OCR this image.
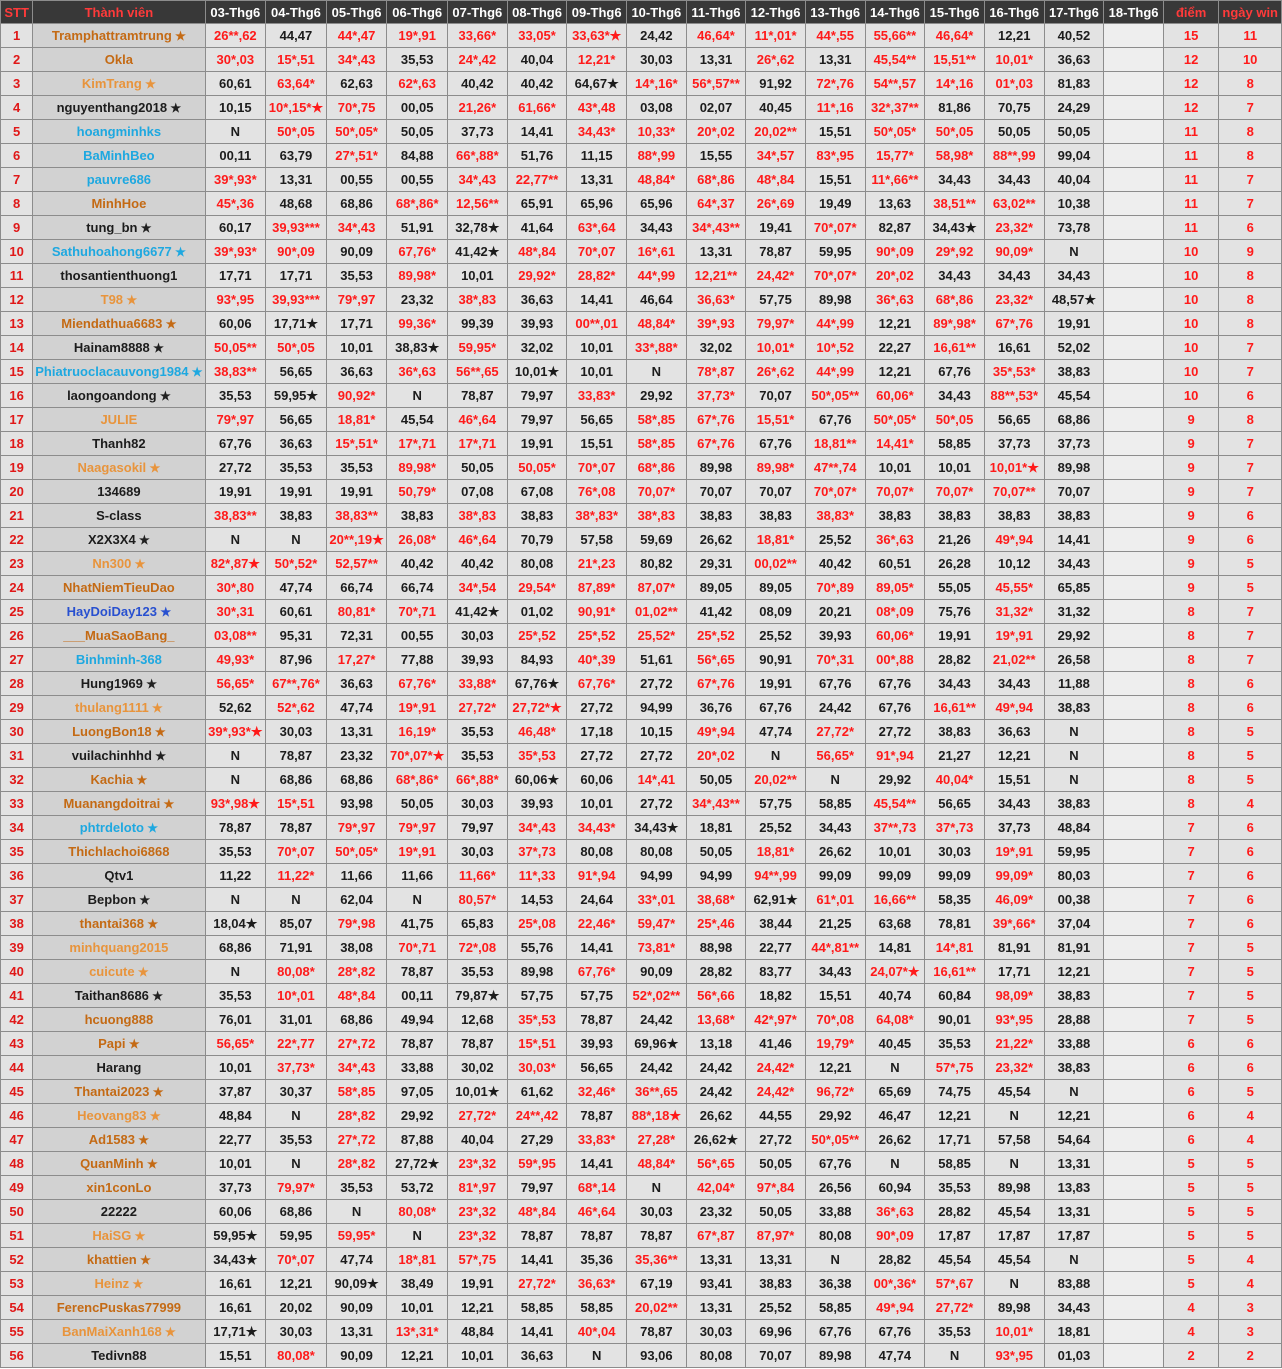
STT	Thành viên	03-Thg6	04-Thg6	05-Thg6	06-Thg6	07-Thg6	08-Thg6	09-Thg6	10-Thg6	11-Thg6	12-Thg6	13-Thg6	14-Thg6	15-Thg6	16-Thg6	17-Thg6	18-Thg6	điểm	ngày win
1	Tramphattramtrung ★	26**,62	44,47	44*,47	19*,91	33,66*	33,05*	33,63*★	24,42	46,64*	11*,01*	44*,55	55,66**	46,64*	12,21	40,52		15	11
2	Okla	30*,03	15*,51	34*,43	35,53	24*,42	40,04	12,21*	30,03	13,31	26*,62	13,31	45,54**	15,51**	10,01*	36,63		12	10
3	KimTrang ★	60,61	63,64*	62,63	62*,63	40,42	40,42	64,67★	14*,16*	56*,57**	91,92	72*,76	54**,57	14*,16	01*,03	81,83		12	8
4	nguyenthang2018 ★	10,15	10*,15*★	70*,75	00,05	21,26*	61,66*	43*,48	03,08	02,07	40,45	11*,16	32*,37**	81,86	70,75	24,29		12	7
5	hoangminhks	N	50*,05	50*,05*	50,05	37,73	14,41	34,43*	10,33*	20*,02	20,02**	15,51	50*,05*	50*,05	50,05	50,05		11	8
6	BaMinhBeo	00,11	63,79	27*,51*	84,88	66*,88*	51,76	11,15	88*,99	15,55	34*,57	83*,95	15,77*	58,98*	88**,99	99,04		11	8
7	pauvre686	39*,93*	13,31	00,55	00,55	34*,43	22,77**	13,31	48,84*	68*,86	48*,84	15,51	11*,66**	34,43	34,43	40,04		11	7
8	MinhHoe	45*,36	48,68	68,86	68*,86*	12,56**	65,91	65,96	65,96	64*,37	26*,69	19,49	13,63	38,51**	63,02**	10,38		11	7
9	tung_bn ★	60,17	39,93***	34*,43	51,91	32,78★	41,64	63*,64	34,43	34*,43**	19,41	70*,07*	82,87	34,43★	23,32*	73,78		11	6
10	Sathuhoahong6677 ★	39*,93*	90*,09	90,09	67,76*	41,42★	48*,84	70*,07	16*,61	13,31	78,87	59,95	90*,09	29*,92	90,09*	N		10	9
11	thosantienthuong1	17,71	17,71	35,53	89,98*	10,01	29,92*	28,82*	44*,99	12,21**	24,42*	70*,07*	20*,02	34,43	34,43	34,43		10	8
12	T98 ★	93*,95	39,93***	79*,97	23,32	38*,83	36,63	14,41	46,64	36,63*	57,75	89,98	36*,63	68*,86	23,32*	48,57★		10	8
13	Miendathua6683 ★	60,06	17,71★	17,71	99,36*	99,39	39,93	00**,01	48,84*	39*,93	79,97*	44*,99	12,21	89*,98*	67*,76	19,91		10	8
14	Hainam8888 ★	50,05**	50*,05	10,01	38,83★	59,95*	32,02	10,01	33*,88*	32,02	10,01*	10*,52	22,27	16,61**	16,61	52,02		10	7
15	Phiatruoclacauvong1984 ★	38,83**	56,65	36,63	36*,63	56**,65	10,01★	10,01	N	78*,87	26*,62	44*,99	12,21	67,76	35*,53*	38,83		10	7
16	laongoandong ★	35,53	59,95★	90,92*	N	78,87	79,97	33,83*	29,92	37,73*	70,07	50*,05**	60,06*	34,43	88**,53*	45,54		10	6
17	JULIE	79*,97	56,65	18,81*	45,54	46*,64	79,97	56,65	58*,85	67*,76	15,51*	67,76	50*,05*	50*,05	56,65	68,86		9	8
18	Thanh82	67,76	36,63	15*,51*	17*,71	17*,71	19,91	15,51	58*,85	67*,76	67,76	18,81**	14,41*	58,85	37,73	37,73		9	7
19	Naagasokil ★	27,72	35,53	35,53	89,98*	50,05	50,05*	70*,07	68*,86	89,98	89,98*	47**,74	10,01	10,01	10,01*★	89,98		9	7
20	134689	19,91	19,91	19,91	50,79*	07,08	67,08	76*,08	70,07*	70,07	70,07	70*,07*	70,07*	70,07*	70,07**	70,07		9	7
21	S-class	38,83**	38,83	38,83**	38,83	38*,83	38,83	38*,83*	38*,83	38,83	38,83	38,83*	38,83	38,83	38,83	38,83		9	6
22	X2X3X4 ★	N	N	20**,19★	26,08*	46*,64	70,79	57,58	59,69	26,62	18,81*	25,52	36*,63	21,26	49*,94	14,41		9	6
23	Nn300 ★	82*,87★	50*,52*	52,57**	40,42	40,42	80,08	21*,23	80,82	29,31	00,02**	40,42	60,51	26,28	10,12	34,43		9	5
24	NhatNiemTieuDao	30*,80	47,74	66,74	66,74	34*,54	29,54*	87,89*	87,07*	89,05	89,05	70*,89	89,05*	55,05	45,55*	65,85		9	5
25	HayDoiDay123 ★	30*,31	60,61	80,81*	70*,71	41,42★	01,02	90,91*	01,02**	41,42	08,09	20,21	08*,09	75,76	31,32*	31,32		8	7
26	___MuaSaoBang_	03,08**	95,31	72,31	00,55	30,03	25*,52	25*,52	25,52*	25*,52	25,52	39,93	60,06*	19,91	19*,91	29,92		8	7
27	Binhminh-368	49,93*	87,96	17,27*	77,88	39,93	84,93	40*,39	51,61	56*,65	90,91	70*,31	00*,88	28,82	21,02**	26,58		8	7
28	Hung1969 ★	56,65*	67**,76*	36,63	67,76*	33,88*	67,76★	67,76*	27,72	67*,76	19,91	67,76	67,76	34,43	34,43	11,88		8	6
29	thulang1111 ★	52,62	52*,62	47,74	19*,91	27,72*	27,72*★	27,72	94,99	36,76	67,76	24,42	67,76	16,61**	49*,94	38,83		8	6
30	LuongBon18 ★	39*,93*★	30,03	13,31	16,19*	35,53	46,48*	17,18	10,15	49*,94	47,74	27,72*	27,72	38,83	36,63	N		8	5
31	vuilachinhhd ★	N	78,87	23,32	70*,07*★	35,53	35*,53	27,72	27,72	20*,02	N	56,65*	91*,94	21,27	12,21	N		8	5
32	Kachia ★	N	68,86	68,86	68*,86*	66*,88*	60,06★	60,06	14*,41	50,05	20,02**	N	29,92	40,04*	15,51	N		8	5
33	Muanangdoitrai ★	93*,98★	15*,51	93,98	50,05	30,03	39,93	10,01	27,72	34*,43**	57,75	58,85	45,54**	56,65	34,43	38,83		8	4
34	phtrdeloto ★	78,87	78,87	79*,97	79*,97	79,97	34*,43	34,43*	34,43★	18,81	25,52	34,43	37**,73	37*,73	37,73	48,84		7	6
35	Thichlachoi6868	35,53	70*,07	50*,05*	19*,91	30,03	37*,73	80,08	80,08	50,05	18,81*	26,62	10,01	30,03	19*,91	59,95		7	6
36	Qtv1	11,22	11,22*	11,66	11,66	11,66*	11*,33	91*,94	94,99	94,99	94**,99	99,09	99,09	99,09	99,09*	80,03		7	6
37	Bepbon ★	N	N	62,04	N	80,57*	14,53	24,64	33*,01	38,68*	62,91★	61*,01	16,66**	58,35	46,09*	00,38		7	6
38	thantai368 ★	18,04★	85,07	79*,98	41,75	65,83	25*,08	22,46*	59,47*	25*,46	38,44	21,25	63,68	78,81	39*,66*	37,04		7	6
39	minhquang2015	68,86	71,91	38,08	70*,71	72*,08	55,76	14,41	73,81*	88,98	22,77	44*,81**	14,81	14*,81	81,91	81,91		7	5
40	cuicute ★	N	80,08*	28*,82	78,87	35,53	89,98	67,76*	90,09	28,82	83,77	34,43	24,07*★	16,61**	17,71	12,21		7	5
41	Taithan8686 ★	35,53	10*,01	48*,84	00,11	79,87★	57,75	57,75	52*,02**	56*,66	18,82	15,51	40,74	60,84	98,09*	38,83		7	5
42	hcuong888	76,01	31,01	68,86	49,94	12,68	35*,53	78,87	24,42	13,68*	42*,97*	70*,08	64,08*	90,01	93*,95	28,88		7	5
43	Papi ★	56,65*	22*,77	27*,72	78,87	78,87	15*,51	39,93	69,96★	13,18	41,46	19,79*	40,45	35,53	21,22*	33,88		6	6
44	Harang	10,01	37,73*	34*,43	33,88	30,02	30,03*	56,65	24,42	24,42	24,42*	12,21	N	57*,75	23,32*	38,83		6	6
45	Thantai2023 ★	37,87	30,37	58*,85	97,05	10,01★	61,62	32,46*	36**,65	24,42	24,42*	96,72*	65,69	74,75	45,54	N		6	5
46	Heovang83 ★	48,84	N	28*,82	29,92	27,72*	24**,42	78,87	88*,18★	26,62	44,55	29,92	46,47	12,21	N	12,21		6	4
47	Ad1583 ★	22,77	35,53	27*,72	87,88	40,04	27,29	33,83*	27,28*	26,62★	27,72	50*,05**	26,62	17,71	57,58	54,64		6	4
48	QuanMinh ★	10,01	N	28*,82	27,72★	23*,32	59*,95	14,41	48,84*	56*,65	50,05	67,76	N	58,85	N	13,31		5	5
49	xin1conLo	37,73	79,97*	35,53	53,72	81*,97	79,97	68*,14	N	42,04*	97*,84	26,56	60,94	35,53	89,98	13,83		5	5
50	22222	60,06	68,86	N	80,08*	23*,32	48*,84	46*,64	30,03	23,32	50,05	33,88	36*,63	28,82	45,54	13,31		5	5
51	HaiSG ★	59,95★	59,95	59,95*	N	23*,32	78,87	78,87	78,87	67*,87	87,97*	80,08	90*,09	17,87	17,87	17,87		5	5
52	khattien ★	34,43★	70*,07	47,74	18*,81	57*,75	14,41	35,36	35,36**	13,31	13,31	N	28,82	45,54	45,54	N		5	4
53	Heinz ★	16,61	12,21	90,09★	38,49	19,91	27,72*	36,63*	67,19	93,41	38,83	36,38	00*,36*	57*,67	N	83,88		5	4
54	FerencPuskas77999	16,61	20,02	90,09	10,01	12,21	58,85	58,85	20,02**	13,31	25,52	58,85	49*,94	27,72*	89,98	34,43		4	3
55	BanMaiXanh168 ★	17,71★	30,03	13,31	13*,31*	48,84	14,41	40*,04	78,87	30,03	69,96	67,76	67,76	35,53	10,01*	18,81		4	3
56	Tedivn88	15,51	80,08*	90,09	12,21	10,01	36,63	N	93,06	80,08	70,07	89,98	47,74	N	93*,95	01,03		2	2
